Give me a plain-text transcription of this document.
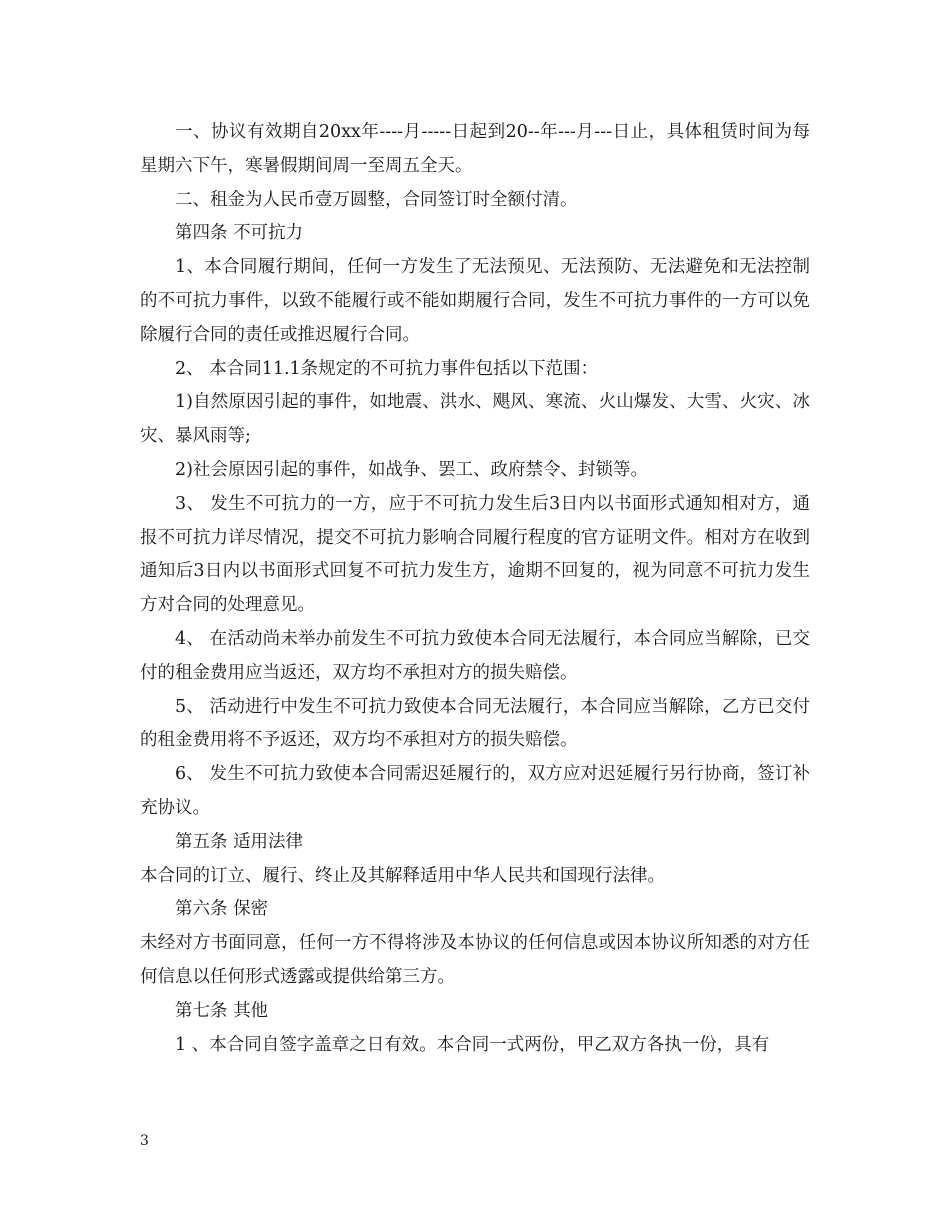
一、协议有效期自20xx年----月-----日起到20--年---月---日止，具体租赁时间为每星期六下午，寒暑假期间周一至周五全天。

二、租金为人民币壹万圆整，合同签订时全额付清。

第四条 不可抗力

1、本合同履行期间，任何一方发生了无法预见、无法预防、无法避免和无法控制的不可抗力事件，以致不能履行或不能如期履行合同，发生不可抗力事件的一方可以免除履行合同的责任或推迟履行合同。

2、 本合同11.1条规定的不可抗力事件包括以下范围：

1)自然原因引起的事件，如地震、洪水、飓风、寒流、火山爆发、大雪、火灾、冰灾、暴风雨等;

2)社会原因引起的事件，如战争、罢工、政府禁令、封锁等。

3、 发生不可抗力的一方，应于不可抗力发生后3日内以书面形式通知相对方，通报不可抗力详尽情况，提交不可抗力影响合同履行程度的官方证明文件。相对方在收到通知后3日内以书面形式回复不可抗力发生方，逾期不回复的，视为同意不可抗力发生方对合同的处理意见。

4、 在活动尚未举办前发生不可抗力致使本合同无法履行，本合同应当解除，已交付的租金费用应当返还，双方均不承担对方的损失赔偿。

5、 活动进行中发生不可抗力致使本合同无法履行，本合同应当解除，乙方已交付的租金费用将不予返还，双方均不承担对方的损失赔偿。

6、 发生不可抗力致使本合同需迟延履行的，双方应对迟延履行另行协商，签订补充协议。

第五条 适用法律

本合同的订立、履行、终止及其解释适用中华人民共和国现行法律。

第六条 保密

未经对方书面同意，任何一方不得将涉及本协议的任何信息或因本协议所知悉的对方任何信息以任何形式透露或提供给第三方。

第七条 其他

1 、本合同自签字盖章之日有效。本合同一式两份，甲乙双方各执一份，具有

3
